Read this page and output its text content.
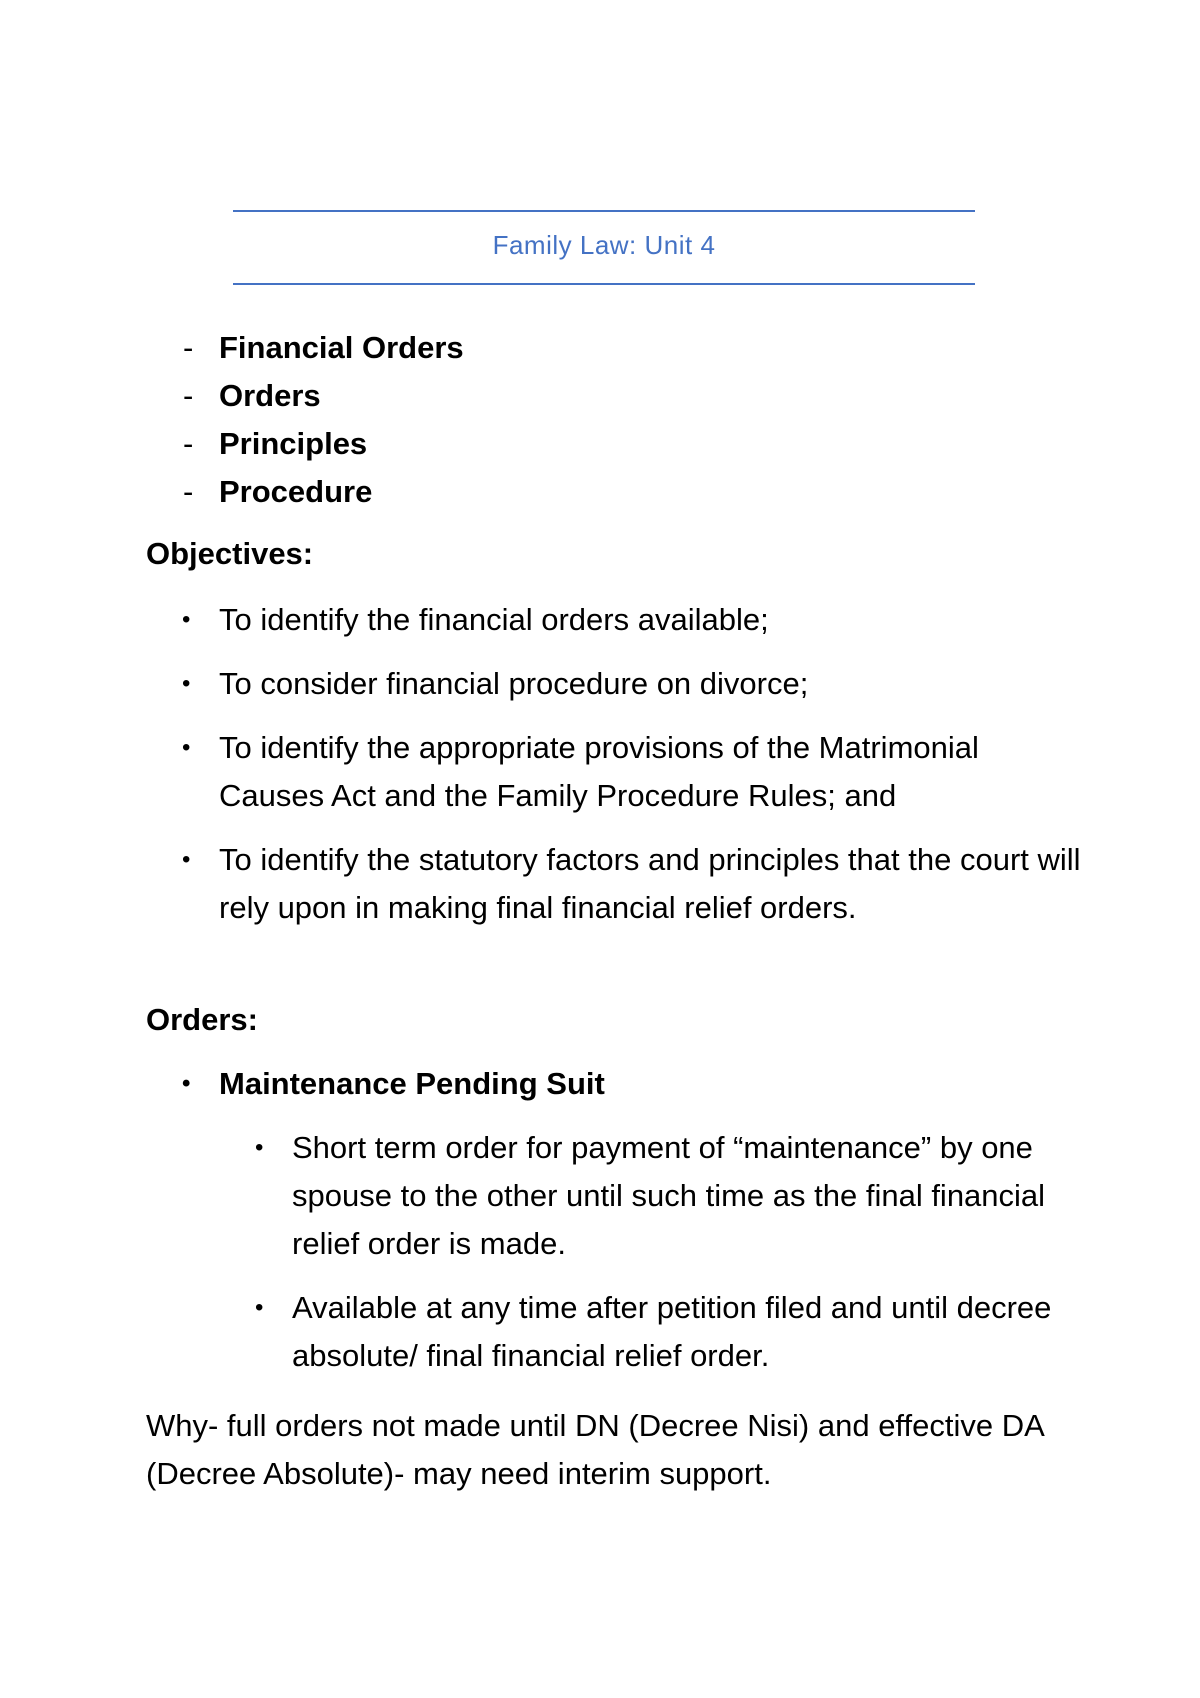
Family Law: Unit 4
- Financial Orders
- Orders
- Principles
- Procedure
Objectives:
• To identify the financial orders available;
• To consider financial procedure on divorce;
• To identify the appropriate provisions of the Matrimonial Causes Act and the Family Procedure Rules; and
• To identify the statutory factors and principles that the court will rely upon in making final financial relief orders.
Orders:
• Maintenance Pending Suit
• Short term order for payment of “maintenance” by one spouse to the other until such time as the final financial relief order is made.
• Available at any time after petition filed and until decree absolute/ final financial relief order.
Why- full orders not made until DN (Decree Nisi) and effective DA (Decree Absolute)- may need interim support.
